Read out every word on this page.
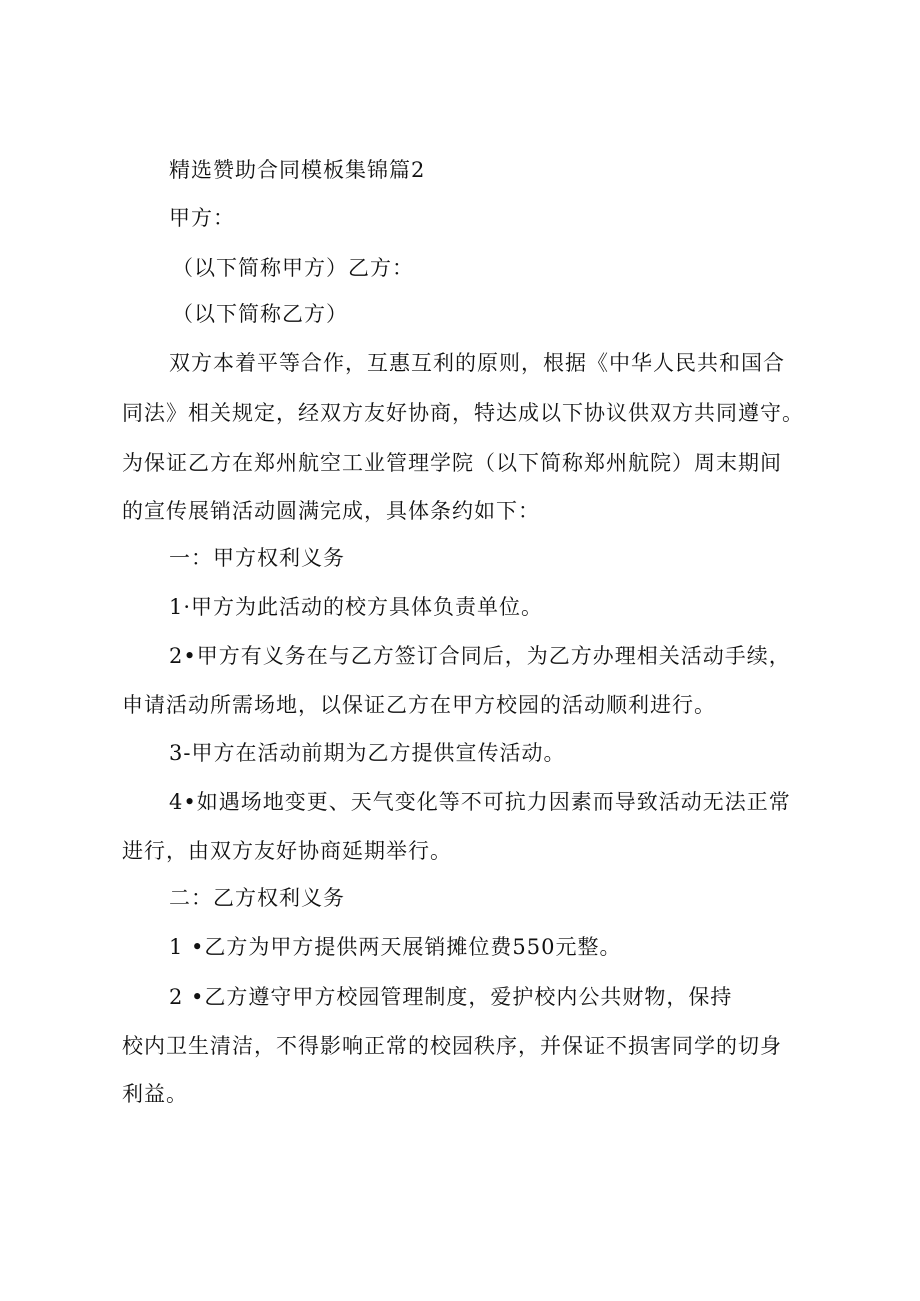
精选赞助合同模板集锦篇2

甲方：

（以下简称甲方）乙方：

（以下简称乙方）

双方本着平等合作，互惠互利的原则，根据《中华人民共和国合

同法》相关规定，经双方友好协商，特达成以下协议供双方共同遵守。

为保证乙方在郑州航空工业管理学院（以下简称郑州航院）周末期间

的宣传展销活动圆满完成，具体条约如下：

一：甲方权利义务

1·甲方为此活动的校方具体负责单位。

2•甲方有义务在与乙方签订合同后，为乙方办理相关活动手续，

申请活动所需场地，以保证乙方在甲方校园的活动顺利进行。

3-甲方在活动前期为乙方提供宣传活动。

4•如遇场地变更、天气变化等不可抗力因素而导致活动无法正常

进行，由双方友好协商延期举行。

二：乙方权利义务

1 •乙方为甲方提供两天展销摊位费550元整。

2 •乙方遵守甲方校园管理制度，爱护校内公共财物，保持

校内卫生清洁，不得影响正常的校园秩序，并保证不损害同学的切身

利益。
